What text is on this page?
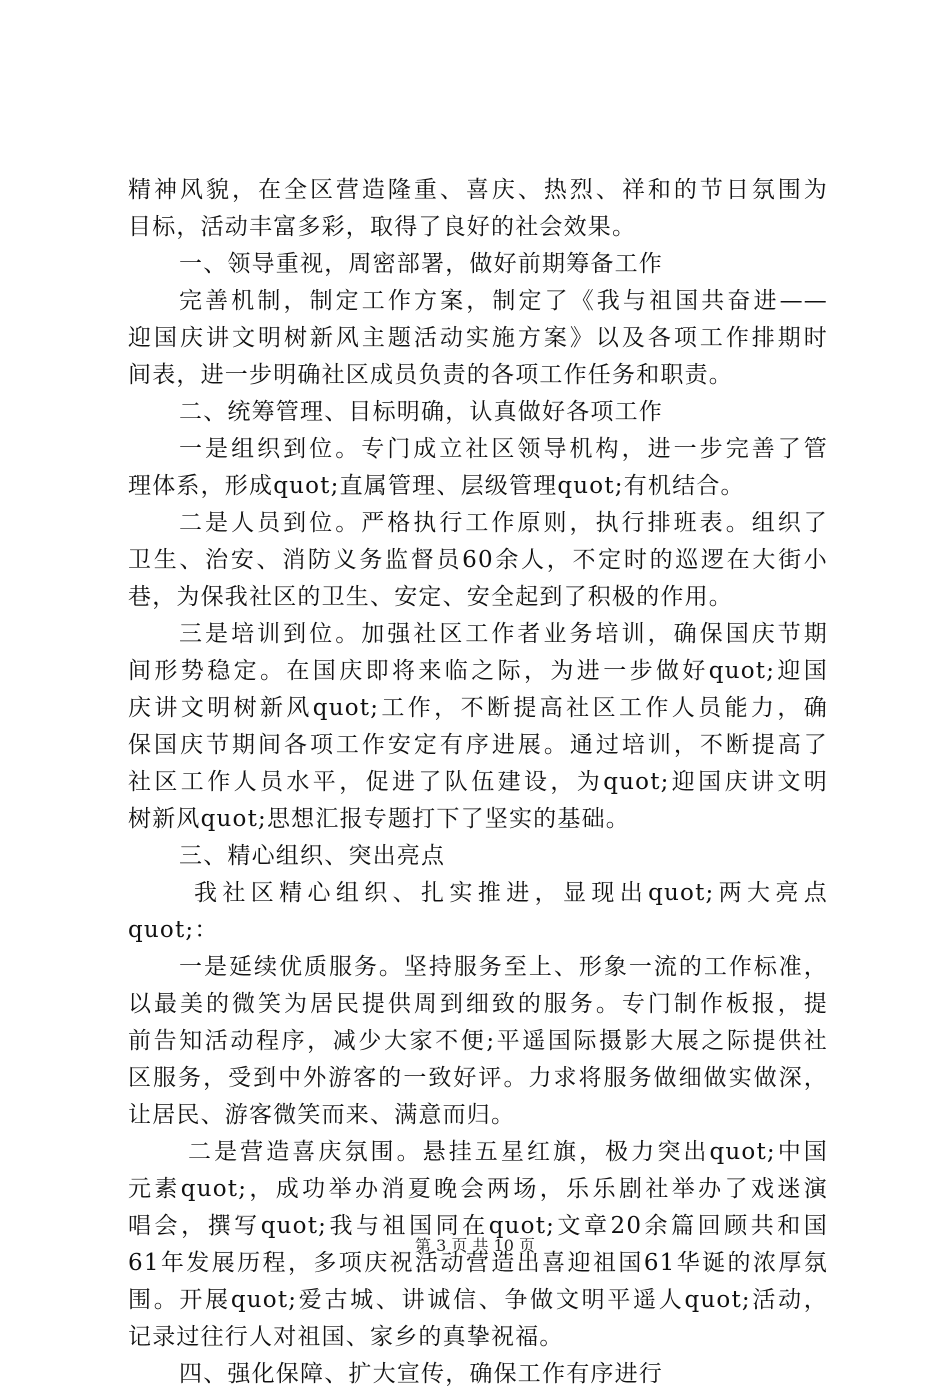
精神风貌，在全区营造隆重、喜庆、热烈、祥和的节日氛围为
目标，活动丰富多彩，取得了良好的社会效果。
一、领导重视，周密部署，做好前期筹备工作
完善机制，制定工作方案，制定了《我与祖国共奋进——
迎国庆讲文明树新风主题活动实施方案》以及各项工作排期时
间表，进一步明确社区成员负责的各项工作任务和职责。
二、统筹管理、目标明确，认真做好各项工作
一是组织到位。专门成立社区领导机构，进一步完善了管
理体系，形成quot;直属管理、层级管理quot;有机结合。
二是人员到位。严格执行工作原则，执行排班表。组织了
卫生、治安、消防义务监督员60余人，不定时的巡逻在大街小
巷，为保我社区的卫生、安定、安全起到了积极的作用。
三是培训到位。加强社区工作者业务培训，确保国庆节期
间形势稳定。在国庆即将来临之际，为进一步做好quot;迎国
庆讲文明树新风quot;工作，不断提高社区工作人员能力，确
保国庆节期间各项工作安定有序进展。通过培训，不断提高了
社区工作人员水平，促进了队伍建设，为quot;迎国庆讲文明
树新风quot;思想汇报专题打下了坚实的基础。
三、精心组织、突出亮点
我社区精心组织、扎实推进，显现出quot;两大亮点
quot;：
一是延续优质服务。坚持服务至上、形象一流的工作标准，
以最美的微笑为居民提供周到细致的服务。专门制作板报，提
前告知活动程序，减少大家不便;平遥国际摄影大展之际提供社
区服务，受到中外游客的一致好评。力求将服务做细做实做深，
让居民、游客微笑而来、满意而归。
二是营造喜庆氛围。悬挂五星红旗，极力突出quot;中国
元素quot;，成功举办消夏晚会两场，乐乐剧社举办了戏迷演
唱会，撰写quot;我与祖国同在quot;文章20余篇回顾共和国
61年发展历程，多项庆祝活动营造出喜迎祖国61华诞的浓厚氛
围。开展quot;爱古城、讲诚信、争做文明平遥人quot;活动，
记录过往行人对祖国、家乡的真挚祝福。
四、强化保障、扩大宣传，确保工作有序进行
第 3 页 共 10 页
